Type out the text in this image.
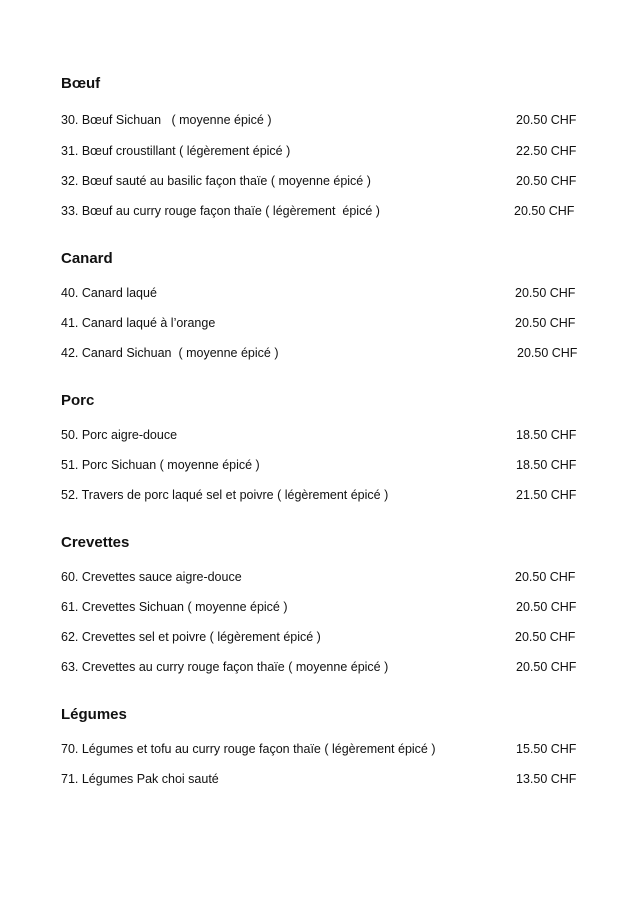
Bœuf
30. Bœuf Sichuan   ( moyenne épicé )	20.50 CHF
31. Bœuf croustillant ( légèrement épicé )	22.50 CHF
32. Bœuf sauté au basilic façon thaïe ( moyenne épicé )	20.50 CHF
33. Bœuf au curry rouge façon thaïe ( légèrement  épicé )	20.50 CHF
Canard
40. Canard laqué	20.50 CHF
41. Canard laqué à l’orange	20.50 CHF
42. Canard Sichuan  ( moyenne épicé )	20.50 CHF
Porc
50. Porc aigre-douce	18.50 CHF
51. Porc Sichuan ( moyenne épicé )	18.50 CHF
52. Travers de porc laqué sel et poivre ( légèrement épicé )	21.50 CHF
Crevettes
60. Crevettes sauce aigre-douce	20.50 CHF
61. Crevettes Sichuan ( moyenne épicé )	20.50 CHF
62. Crevettes sel et poivre ( légèrement épicé )	20.50 CHF
63. Crevettes au curry rouge façon thaïe ( moyenne épicé )	20.50 CHF
Légumes
70. Légumes et tofu au curry rouge façon thaïe ( légèrement épicé )	15.50 CHF
71. Légumes Pak choi sauté	13.50 CHF
